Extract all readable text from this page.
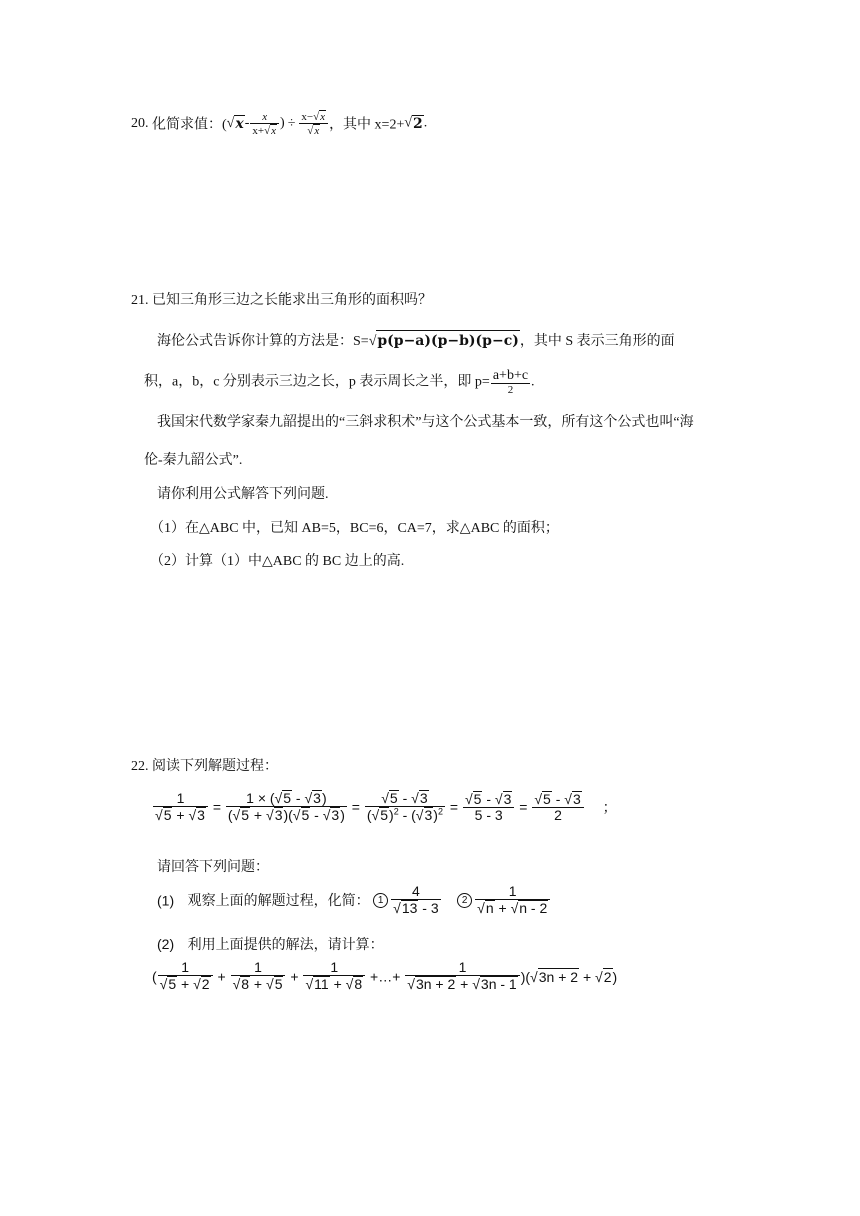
20. 化简求值：($√x- \frac{x}{x+√x}$ ) ÷ $\frac{x-√x}{√x}$ ，其中 x=2+√2.
21. 已知三角形三边之长能求出三角形的面积吗？
海伦公式告诉你计算的方法是：S=√p(p−a)(p−b)(p−c)，其中 S 表示三角形的面
积，a，b，c 分别表示三边之长，p 表示周长之半，即 $p= \frac{a+b+c}{2}$ .
我国宋代数学家秦九韶提出的“三斜求积术”与这个公式基本一致，所有这个公式也叫“海
伦-秦九韶公式”.
请你利用公式解答下列问题.
（1）在△ABC 中，已知 AB=5，BC=6，CA=7，求△ABC 的面积；
（2）计算（1）中△ABC 的 BC 边上的高.
22. 阅读下列解题过程：
$\frac{1}{√5 + √3} = \frac{1 \times (√5 - √3)}{(√5 + √3)(√5 - √3)} = \frac{√5 - √3}{(√5)^2 - (√3)^2} = \frac{√5 - √3}{5 - 3} = \frac{√5 - √3}{2}$ ；
请回答下列问题：
(1) 观察上面的解题过程，化简： $1 \frac{4}{√13 - 3} 2 \frac{1}{√n + √n - 2}$
(2) 利用上面提供的解法，请计算：
( $\frac{1}{√5 + √2} + \frac{1}{√8 + √5} + \frac{1}{√11 + √8}$ +…+ $\frac{1}{√3n + 2 + √3n - 1} )(√3n + 2 + √2)$
